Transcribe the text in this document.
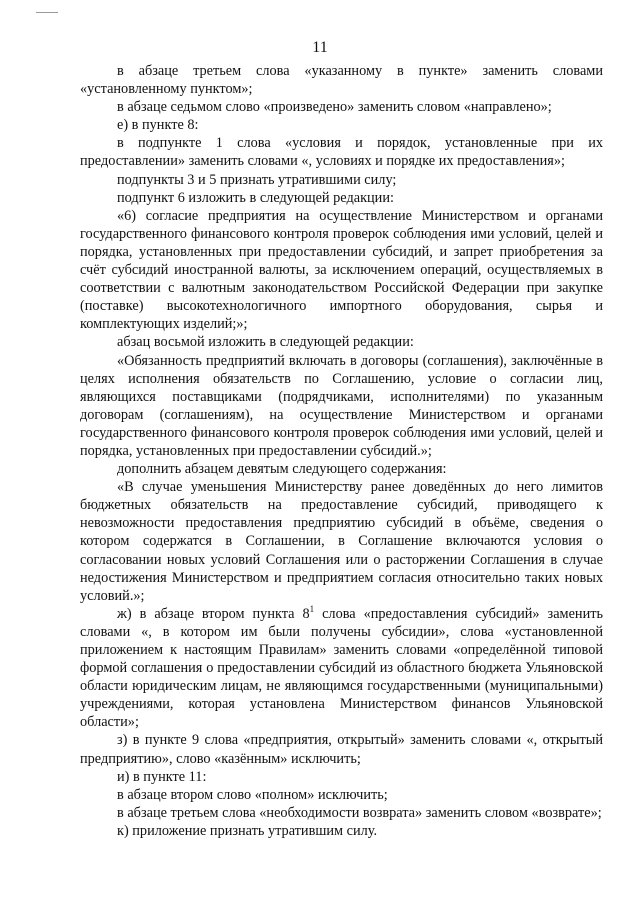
11

в абзаце третьем слова «указанному в пункте» заменить словами «установленному пунктом»;

в абзаце седьмом слово «произведено» заменить словом «направлено»;

е) в пункте 8:

в подпункте 1 слова «условия и порядок, установленные при их предоставлении» заменить словами «, условиях и порядке их предоставления»;

подпункты 3 и 5 признать утратившими силу;

подпункт 6 изложить в следующей редакции:

«6) согласие предприятия на осуществление Министерством и органами государственного финансового контроля проверок соблюдения ими условий, целей и порядка, установленных при предоставлении субсидий, и запрет приобретения за счёт субсидий иностранной валюты, за исключением операций, осуществляемых в соответствии с валютным законодательством Российской Федерации при закупке (поставке) высокотехнологичного импортного оборудования, сырья и комплектующих изделий;»;

абзац восьмой изложить в следующей редакции:

«Обязанность предприятий включать в договоры (соглашения), заключённые в целях исполнения обязательств по Соглашению, условие о согласии лиц, являющихся поставщиками (подрядчиками, исполнителями) по указанным договорам (соглашениям), на осуществление Министерством и органами государственного финансового контроля проверок соблюдения ими условий, целей и порядка, установленных при предоставлении субсидий.»;

дополнить абзацем девятым следующего содержания:

«В случае уменьшения Министерству ранее доведённых до него лимитов бюджетных обязательств на предоставление субсидий, приводящего к невозможности предоставления предприятию субсидий в объёме, сведения о котором содержатся в Соглашении, в Соглашение включаются условия о согласовании новых условий Соглашения или о расторжении Соглашения в случае недостижения Министерством и предприятием согласия относительно таких новых условий.»;

ж) в абзаце втором пункта $8^1$ слова «предоставления субсидий» заменить словами «, в котором им были получены субсидии», слова «установленной приложением к настоящим Правилам» заменить словами «определённой типовой формой соглашения о предоставлении субсидий из областного бюджета Ульяновской области юридическим лицам, не являющимся государственными (муниципальными) учреждениями, которая установлена Министерством финансов Ульяновской области»;

з) в пункте 9 слова «предприятия, открытый» заменить словами «, открытый предприятию», слово «казённым» исключить;

и) в пункте 11:

в абзаце втором слово «полном» исключить;

в абзаце третьем слова «необходимости возврата» заменить словом «возврате»;

к) приложение признать утратившим силу.
